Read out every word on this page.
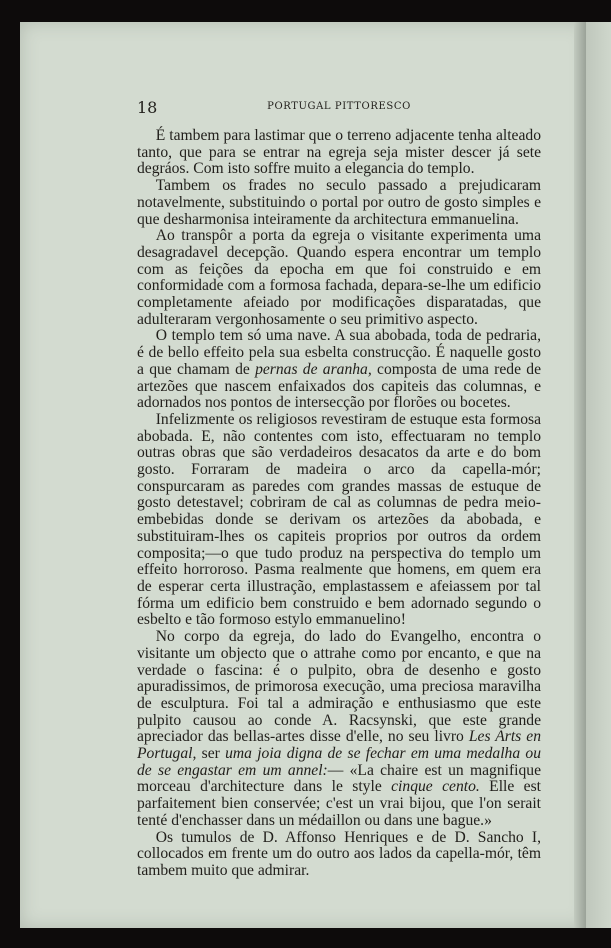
18	PORTUGAL PITTORESCO

É tambem para lastimar que o terreno adjacente tenha alteado tanto, que para se entrar na egreja seja mister descer já sete degráos. Com isto soffre muito a elegancia do templo.

Tambem os frades no seculo passado a prejudicaram notavelmente, substituindo o portal por outro de gosto simples e que desharmonisa inteiramente da architectura emmanuelina.

Ao transpôr a porta da egreja o visitante experimenta uma desagradavel decepção. Quando espera encontrar um templo com as feições da epocha em que foi construido e em conformidade com a formosa fachada, depara-se-lhe um edificio completamente afeiado por modificações disparatadas, que adulteraram vergonhosamente o seu primitivo aspecto.

O templo tem só uma nave. A sua abobada, toda de pedraria, é de bello effeito pela sua esbelta construcção. É naquelle gosto a que chamam de pernas de aranha, composta de uma rede de artezões que nascem enfaixados dos capiteis das columnas, e adornados nos pontos de intersecção por florões ou bocetes.

Infelizmente os religiosos revestiram de estuque esta formosa abobada. E, não contentes com isto, effectuaram no templo outras obras que são verdadeiros desacatos da arte e do bom gosto. Forraram de madeira o arco da capella-mór; conspurcaram as paredes com grandes massas de estuque de gosto detestavel; cobriram de cal as columnas de pedra meio-embebidas donde se derivam os artezões da abobada, e substituiram-lhes os capiteis proprios por outros da ordem composita;—o que tudo produz na perspectiva do templo um effeito horroroso. Pasma realmente que homens, em quem era de esperar certa illustração, emplastassem e afeiassem por tal fórma um edificio bem construido e bem adornado segundo o esbelto e tão formoso estylo emmanuelino!

No corpo da egreja, do lado do Evangelho, encontra o visitante um objecto que o attrahe como por encanto, e que na verdade o fascina: é o pulpito, obra de desenho e gosto apuradissimos, de primorosa execução, uma preciosa maravilha de esculptura. Foi tal a admiração e enthusiasmo que este pulpito causou ao conde A. Racsynski, que este grande apreciador das bellas-artes disse d'elle, no seu livro Les Arts en Portugal, ser uma joia digna de se fechar em uma medalha ou de se engastar em um annel:— «La chaire est un magnifique morceau d'architecture dans le style cinque cento. Elle est parfaitement bien conservée; c'est un vrai bijou, que l'on serait tenté d'enchasser dans un médaillon ou dans une bague.»

Os tumulos de D. Affonso Henriques e de D. Sancho I, collocados em frente um do outro aos lados da capella-mór, têm tambem muito que admirar.
